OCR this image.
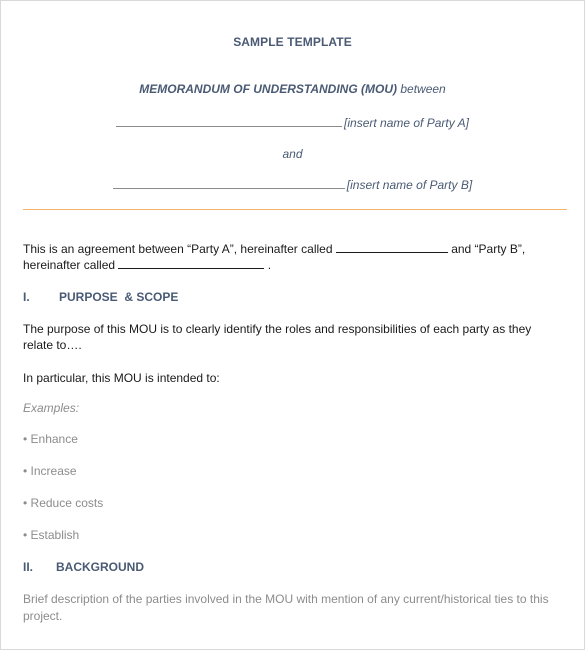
SAMPLE TEMPLATE
MEMORANDUM OF UNDERSTANDING (MOU) between
[insert name of Party A]
and
[insert name of Party B]
This is an agreement between “Party A”, hereinafter called	and “Party B”,
hereinafter called	.
I. PURPOSE  & SCOPE
The purpose of this MOU is to clearly identify the roles and responsibilities of each party as they relate to….
In particular, this MOU is intended to:
Examples:
• Enhance
• Increase
• Reduce costs
• Establish
II. BACKGROUND
Brief description of the parties involved in the MOU with mention of any current/historical ties to this project.
